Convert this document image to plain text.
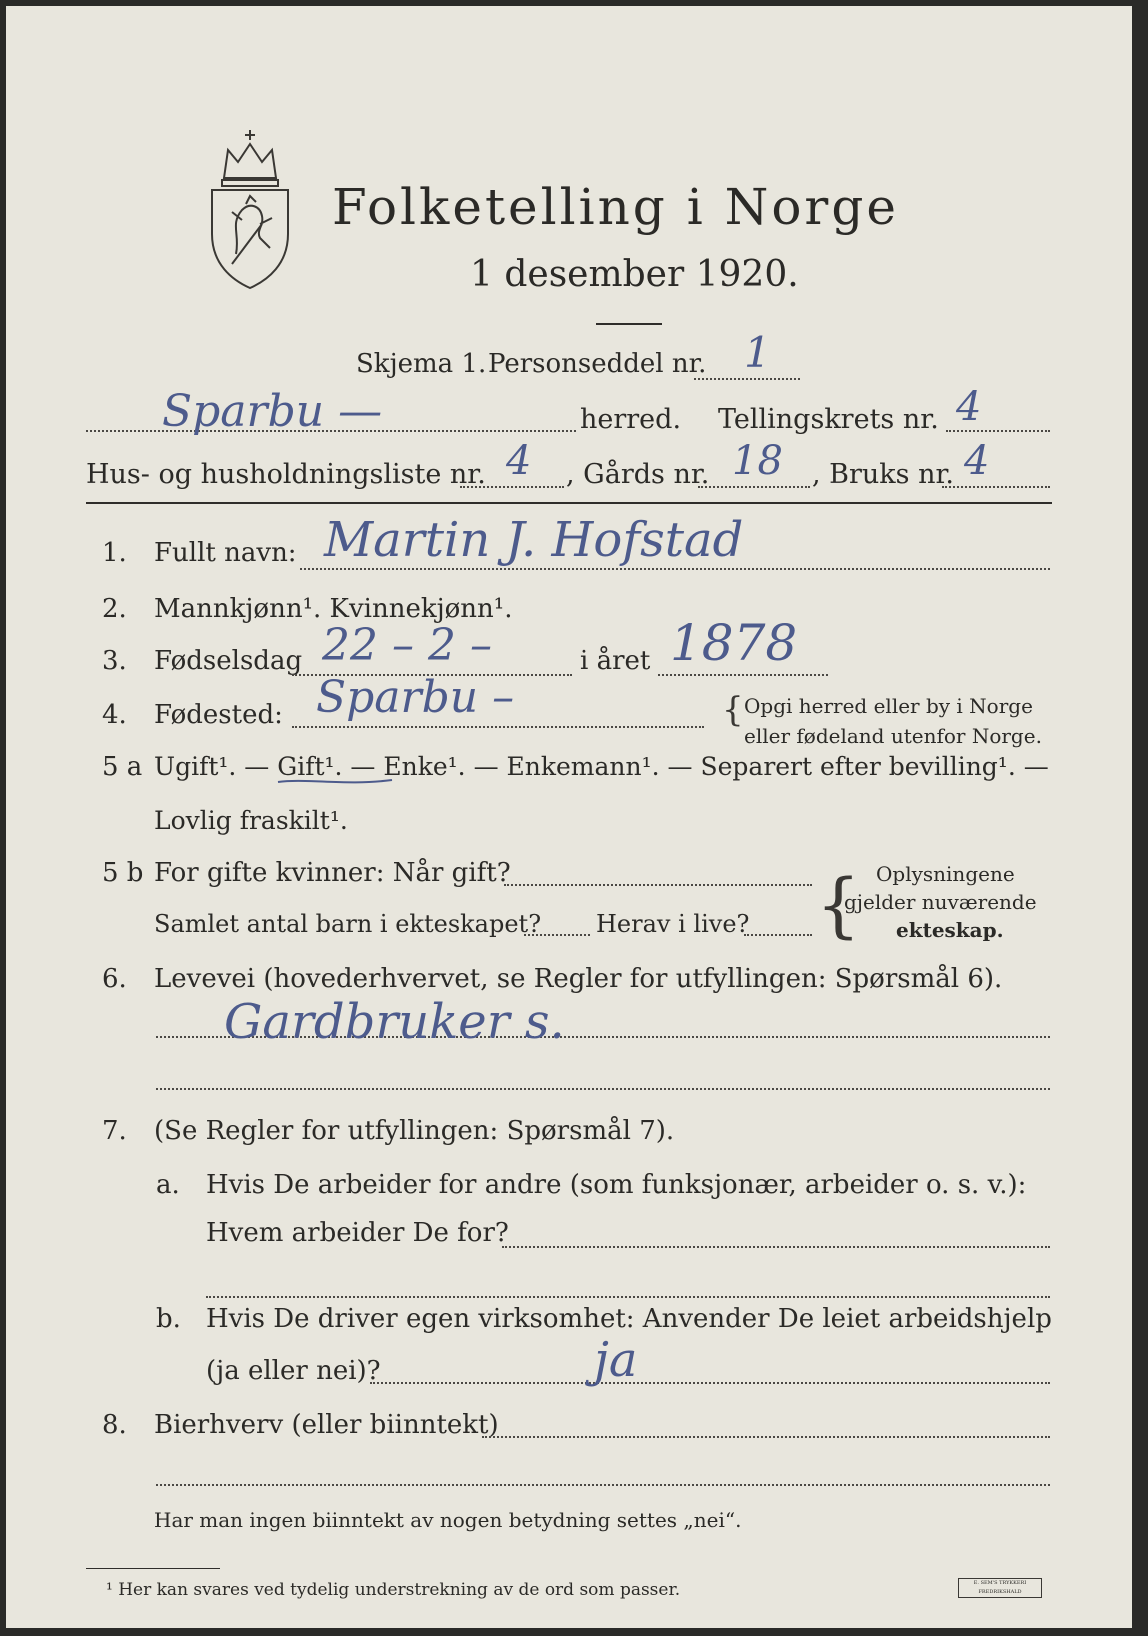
Folketelling i Norge
1 desember 1920.
Skjema 1. Personseddel nr. 1
Sparbu —	herred. Tellingskrets nr. 4
Hus- og husholdningsliste nr. 4 , Gårds nr. 18 , Bruks nr. 4
1. Fullt navn: Martin J. Hofstad
2. Mannkjønn¹. Kvinnekjønn¹.
3. Fødselsdag 22 – 2 –	i året 1878
4. Fødested: Sparbu –	{ Opgi herred eller by i Norge
eller fødeland utenfor Norge.
5 a Ugift¹. — Gift¹. — Enke¹. — Enkemann¹. — Separert efter bevilling¹. —
Lovlig fraskilt¹.
5 b For gifte kvinner: Når gift?
Samlet antal barn i ekteskapet? Herav i live? { Oplysningene
gjelder nuværende
ekteskap.
6. Levevei (hovederhvervet, se Regler for utfyllingen: Spørsmål 6).
Gardbruker s.
7. (Se Regler for utfyllingen: Spørsmål 7).
a. Hvis De arbeider for andre (som funksjonær, arbeider o. s. v.):
Hvem arbeider De for?
b. Hvis De driver egen virksomhet: Anvender De leiet arbeidshjelp
(ja eller nei)?	ja
8. Bierhverv (eller biinntekt)
Har man ingen biinntekt av nogen betydning settes „nei“.
¹ Her kan svares ved tydelig understrekning av de ord som passer.	E. SEM'S TRYKKERI FREDRIKSHALD
